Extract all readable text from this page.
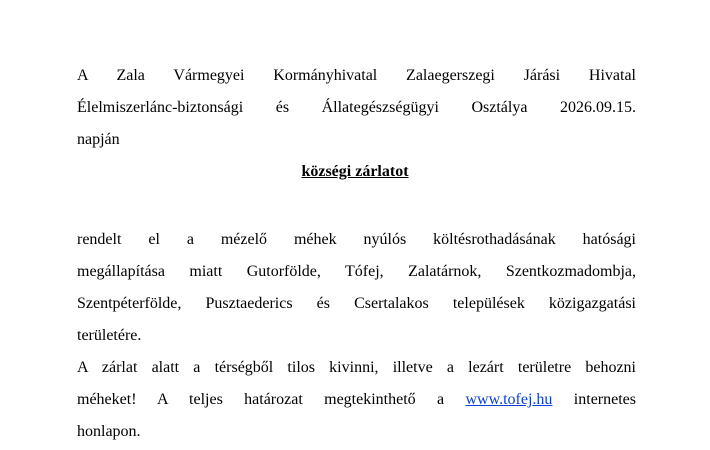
A Zala Vármegyei Kormányhivatal Zalaegerszegi Járási Hivatal
Élelmiszerlánc-biztonsági és Állategészségügyi Osztálya 2026.09.15.
napján
községi zárlatot
rendelt el a mézelő méhek nyúlós költésrothadásának hatósági
megállapítása miatt Gutorfölde, Tófej, Zalatárnok, Szentkozmadombja,
Szentpéterfölde, Pusztaederics és Csertalakos települések közigazgatási
területére.
A zárlat alatt a térségből tilos kivinni, illetve a lezárt területre behozni
méheket! A teljes határozat megtekinthető a www.tofej.hu internetes
honlapon.
